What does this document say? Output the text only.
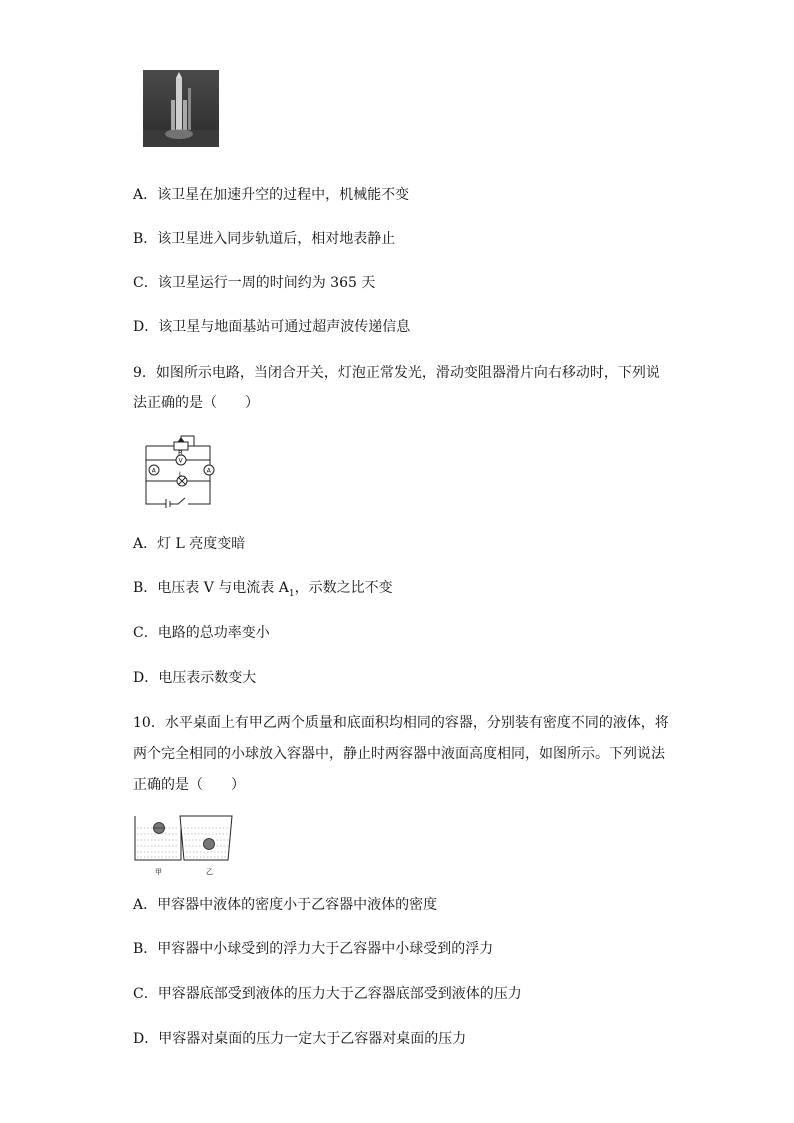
A．该卫星在加速升空的过程中，机械能不变
B．该卫星进入同步轨道后，相对地表静止
C．该卫星运行一周的时间约为 365 天
D．该卫星与地面基站可通过超声波传递信息
9．如图所示电路，当闭合开关，灯泡正常发光，滑动变阻器滑片向右移动时，下列说
法正确的是（　　）
R
V
L
A	A
A．灯 L 亮度变暗
B．电压表 V 与电流表 $A_1$，示数之比不变
C．电路的总功率变小
D．电压表示数变大
10．水平桌面上有甲乙两个质量和底面积均相同的容器，分别装有密度不同的液体，将
两个完全相同的小球放入容器中，静止时两容器中液面高度相同，如图所示。下列说法
正确的是（　　）
甲	乙
A．甲容器中液体的密度小于乙容器中液体的密度
B．甲容器中小球受到的浮力大于乙容器中小球受到的浮力
C．甲容器底部受到液体的压力大于乙容器底部受到液体的压力
D．甲容器对桌面的压力一定大于乙容器对桌面的压力
